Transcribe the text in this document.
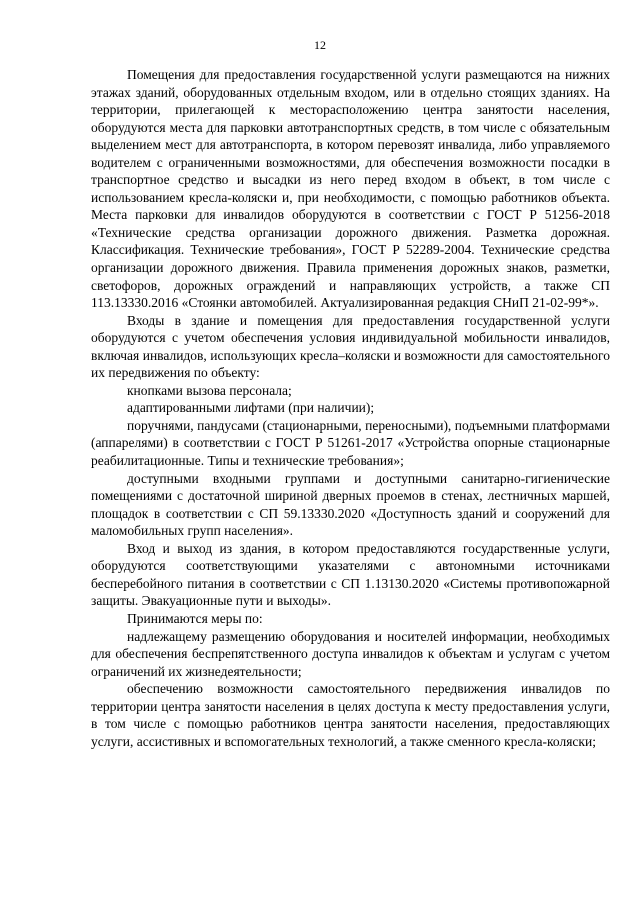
12

Помещения для предоставления государственной услуги размещаются на нижних этажах зданий, оборудованных отдельным входом, или в отдельно стоящих зданиях. На территории, прилегающей к месторасположению центра занятости населения, оборудуются места для парковки автотранспортных средств, в том числе с обязательным выделением мест для автотранспорта, в котором перевозят инвалида, либо управляемого водителем с ограниченными возможностями, для обеспечения возможности посадки в транспортное средство и высадки из него перед входом в объект, в том числе с использованием кресла-коляски и, при необходимости, с помощью работников объекта. Места парковки для инвалидов оборудуются в соответствии с ГОСТ Р 51256-2018 «Технические средства организации дорожного движения. Разметка дорожная. Классификация. Технические требования», ГОСТ Р 52289-2004. Технические средства организации дорожного движения. Правила применения дорожных знаков, разметки, светофоров, дорожных ограждений и направляющих устройств, а также СП 113.13330.2016 «Стоянки автомобилей. Актуализированная редакция СНиП 21-02-99*».

Входы в здание и помещения для предоставления государственной услуги оборудуются с учетом обеспечения условия индивидуальной мобильности инвалидов, включая инвалидов, использующих кресла–коляски и возможности для самостоятельного их передвижения по объекту:

кнопками вызова персонала;

адаптированными лифтами (при наличии);

поручнями, пандусами (стационарными, переносными), подъемными платформами (аппарелями) в соответствии с ГОСТ Р 51261-2017 «Устройства опорные стационарные реабилитационные. Типы и технические требования»;

доступными входными группами и доступными санитарно-гигиенические помещениями с достаточной шириной дверных проемов в стенах, лестничных маршей, площадок в соответствии с СП 59.13330.2020 «Доступность зданий и сооружений для маломобильных групп населения».

Вход и выход из здания, в котором предоставляются государственные услуги, оборудуются соответствующими указателями с автономными источниками бесперебойного питания в соответствии с СП 1.13130.2020 «Системы противопожарной защиты. Эвакуационные пути и выходы».

Принимаются меры по:

надлежащему размещению оборудования и носителей информации, необходимых для обеспечения беспрепятственного доступа инвалидов к объектам и услугам с учетом ограничений их жизнедеятельности;

обеспечению возможности самостоятельного передвижения инвалидов по территории центра занятости населения в целях доступа к месту предоставления услуги, в том числе с помощью работников центра занятости населения, предоставляющих услуги, ассистивных и вспомогательных технологий, а также сменного кресла-коляски;
